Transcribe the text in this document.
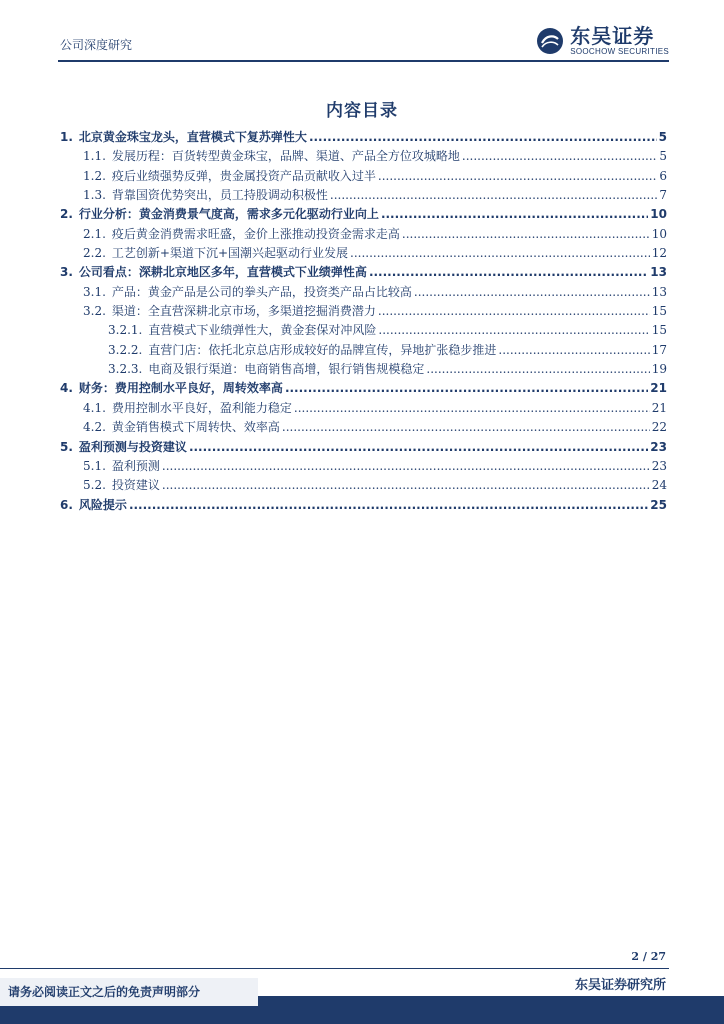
公司深度研究	东吴证券
SOOCHOW SECURITIES
内容目录
1. 北京黄金珠宝龙头，直营模式下复苏弹性大 .....	5
1.1. 发展历程：百货转型黄金珠宝，品牌、渠道、产品全方位攻城略地 .....	5
1.2. 疫后业绩强势反弹，贵金属投资产品贡献收入过半 .....	6
1.3. 背靠国资优势突出，员工持股调动积极性 .....	7
2. 行业分析：黄金消费景气度高，需求多元化驱动行业向上 .....	10
2.1. 疫后黄金消费需求旺盛，金价上涨推动投资金需求走高 .....	10
2.2. 工艺创新+渠道下沉+国潮兴起驱动行业发展 .....	12
3. 公司看点：深耕北京地区多年，直营模式下业绩弹性高 .....	13
3.1. 产品：黄金产品是公司的拳头产品，投资类产品占比较高 .....	13
3.2. 渠道：全直营深耕北京市场，多渠道挖掘消费潜力 .....	15
3.2.1. 直营模式下业绩弹性大，黄金套保对冲风险 .....	15
3.2.2. 直营门店：依托北京总店形成较好的品牌宣传，异地扩张稳步推进 .....	17
3.2.3. 电商及银行渠道：电商销售高增，银行销售规模稳定 .....	19
4. 财务：费用控制水平良好，周转效率高 .....	21
4.1. 费用控制水平良好，盈利能力稳定 .....	21
4.2. 黄金销售模式下周转快、效率高 .....	22
5. 盈利预测与投资建议 .....	23
5.1. 盈利预测 .....	23
5.2. 投资建议 .....	24
6. 风险提示 .....	25
2 / 27
东吴证券研究所
请务必阅读正文之后的免责声明部分
